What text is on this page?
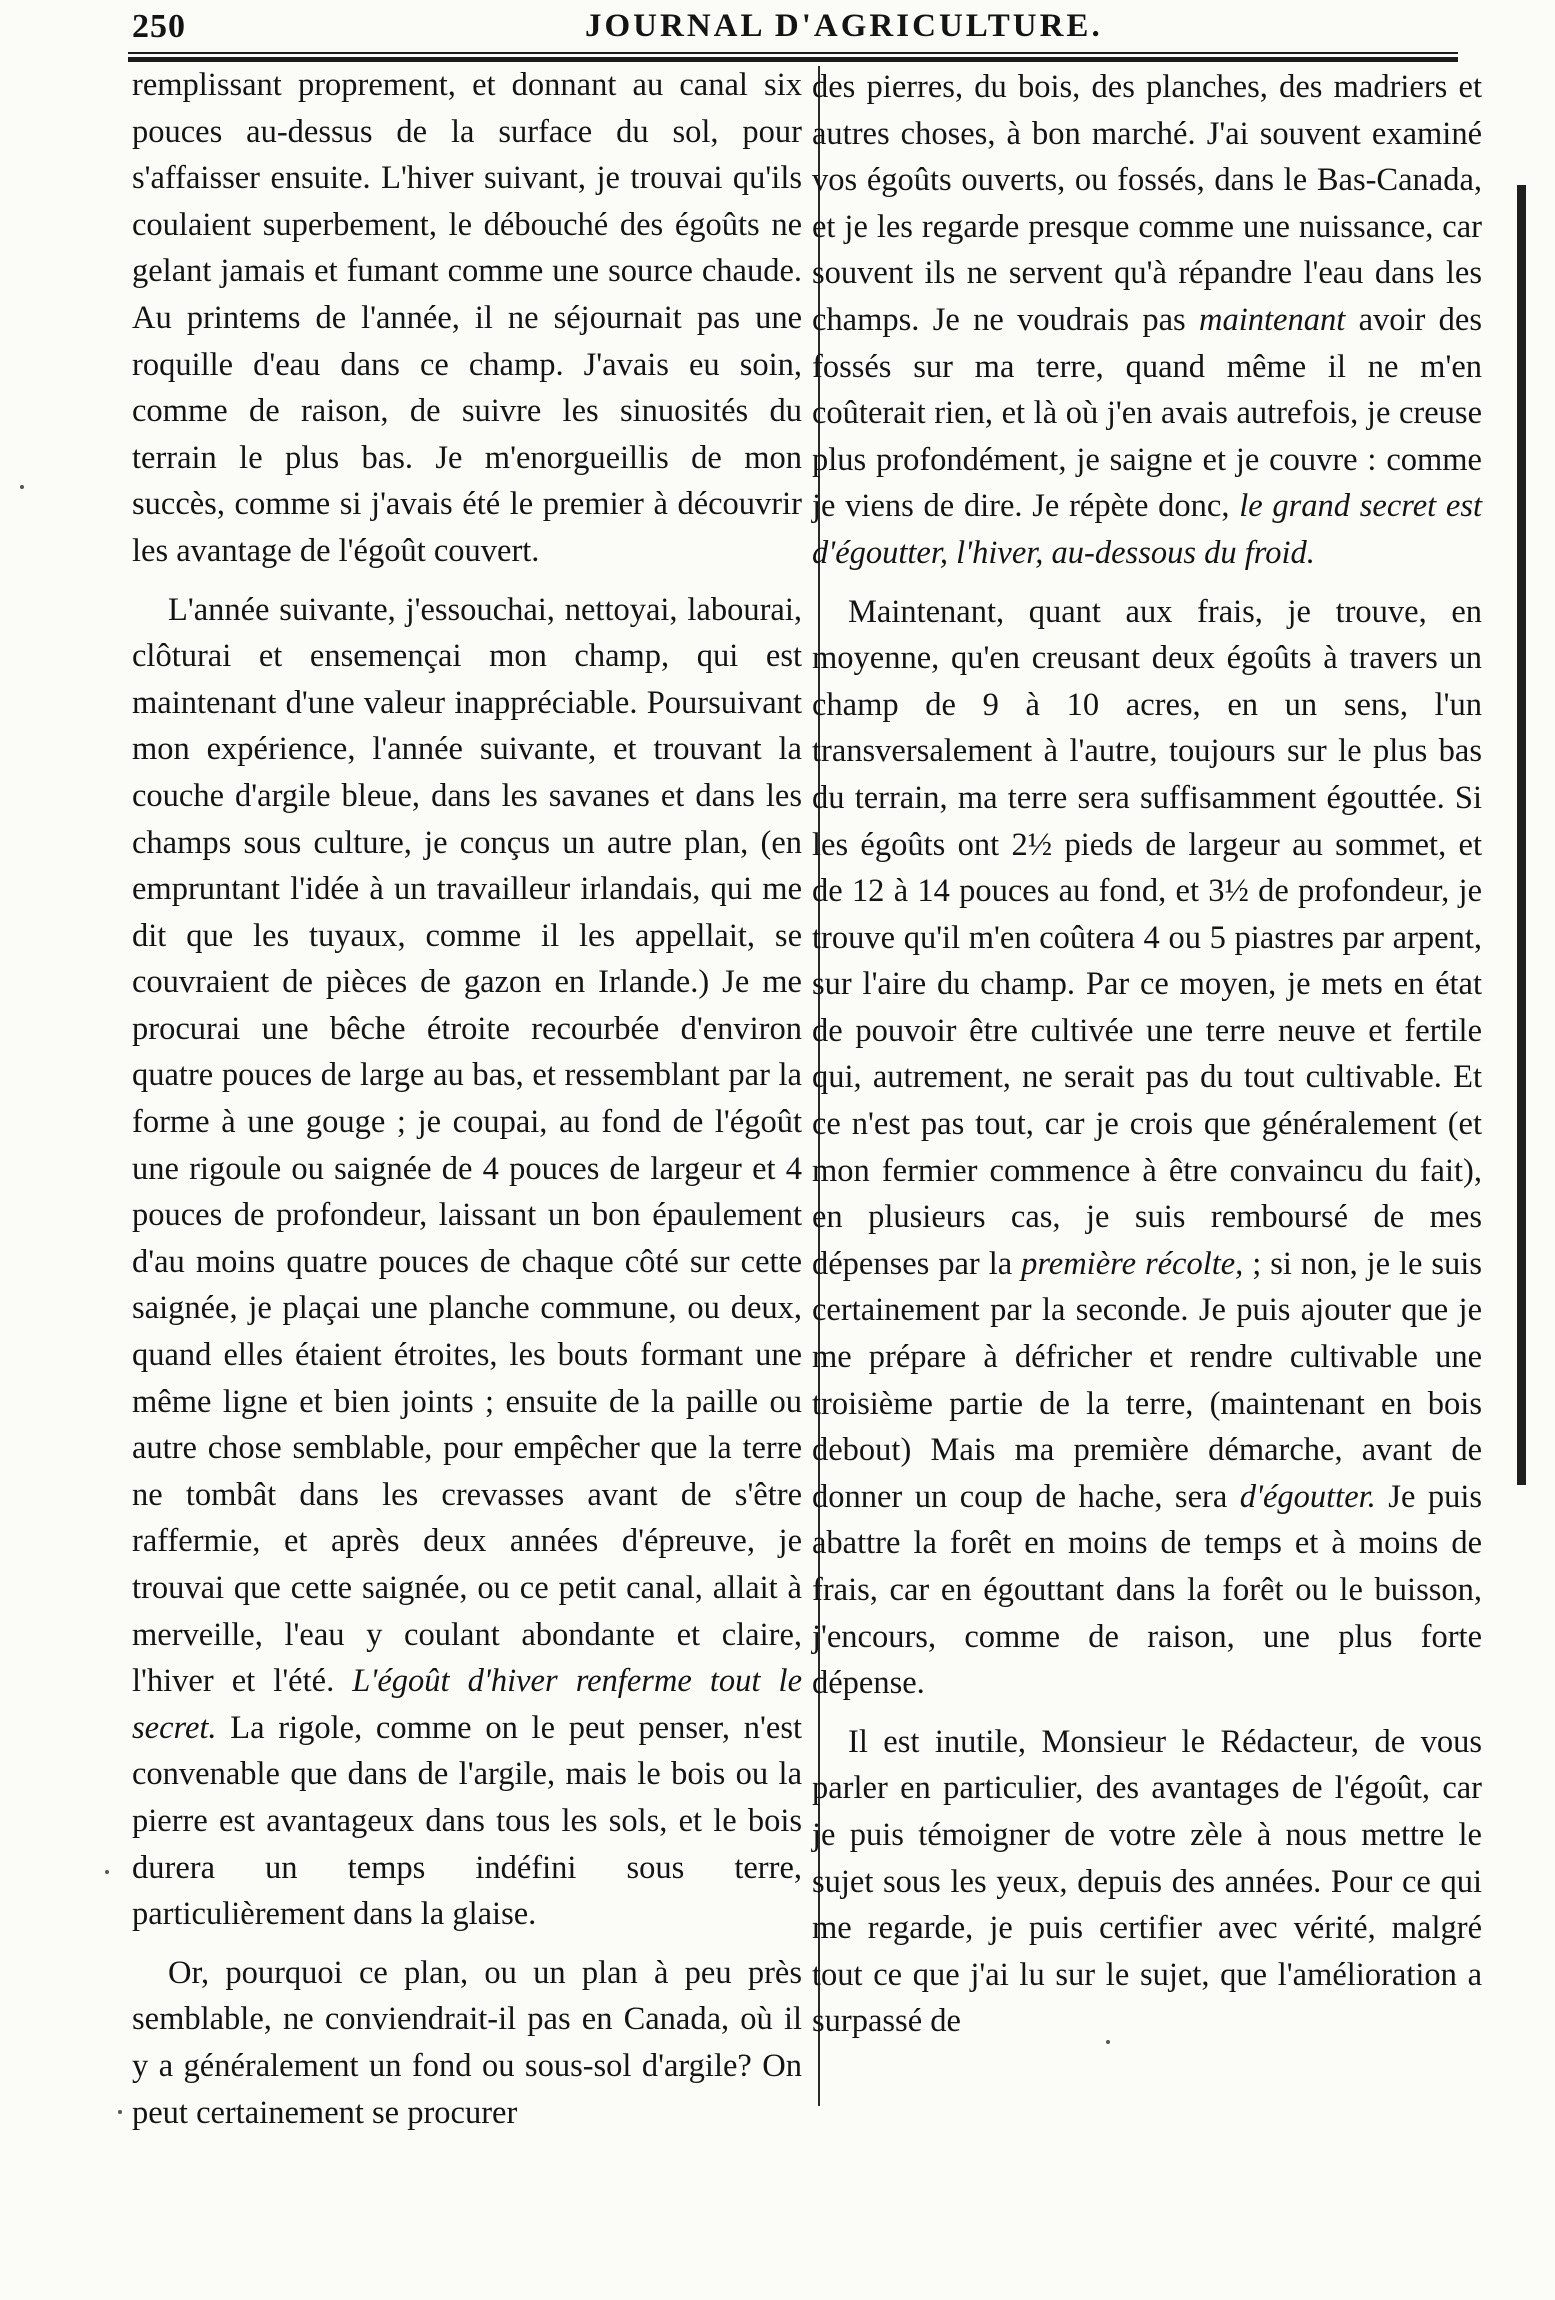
250	JOURNAL D'AGRICULTURE.

remplissant proprement, et donnant au canal six pouces au-dessus de la surface du sol, pour s'affaisser ensuite. L'hiver suivant, je trouvai qu'ils coulaient superbement, le débouché des égoûts ne gelant jamais et fumant comme une source chaude. Au printems de l'année, il ne séjournait pas une roquille d'eau dans ce champ. J'avais eu soin, comme de raison, de suivre les sinuosités du terrain le plus bas. Je m'enorgueillis de mon succès, comme si j'avais été le premier à découvrir les avantage de l'égoût couvert.

L'année suivante, j'essouchai, nettoyai, labourai, clôturai et ensemençai mon champ, qui est maintenant d'une valeur inappréciable. Poursuivant mon expérience, l'année suivante, et trouvant la couche d'argile bleue, dans les savanes et dans les champs sous culture, je conçus un autre plan, (en empruntant l'idée à un travailleur irlandais, qui me dit que les tuyaux, comme il les appellait, se couvraient de pièces de gazon en Irlande.) Je me procurai une bêche étroite recourbée d'environ quatre pouces de large au bas, et ressemblant par la forme à une gouge ; je coupai, au fond de l'égoût une rigoule ou saignée de 4 pouces de largeur et 4 pouces de profondeur, laissant un bon épaulement d'au moins quatre pouces de chaque côté sur cette saignée, je plaçai une planche commune, ou deux, quand elles étaient étroites, les bouts formant une même ligne et bien joints ; ensuite de la paille ou autre chose semblable, pour empêcher que la terre ne tombât dans les crevasses avant de s'être raffermie, et après deux années d'épreuve, je trouvai que cette saignée, ou ce petit canal, allait à merveille, l'eau y coulant abondante et claire, l'hiver et l'été. L'égoût d'hiver renferme tout le secret. La rigole, comme on le peut penser, n'est convenable que dans de l'argile, mais le bois ou la pierre est avantageux dans tous les sols, et le bois durera un temps indéfini sous terre, particulièrement dans la glaise.

Or, pourquoi ce plan, ou un plan à peu près semblable, ne conviendrait-il pas en Canada, où il y a généralement un fond ou sous-sol d'argile? On peut certainement se procurer

des pierres, du bois, des planches, des madriers et autres choses, à bon marché. J'ai souvent examiné vos égoûts ouverts, ou fossés, dans le Bas-Canada, et je les regarde presque comme une nuissance, car souvent ils ne servent qu'à répandre l'eau dans les champs. Je ne voudrais pas maintenant avoir des fossés sur ma terre, quand même il ne m'en coûterait rien, et là où j'en avais autrefois, je creuse plus profondément, je saigne et je couvre : comme je viens de dire. Je répète donc, le grand secret est d'égoutter, l'hiver, au-dessous du froid.

Maintenant, quant aux frais, je trouve, en moyenne, qu'en creusant deux égoûts à travers un champ de 9 à 10 acres, en un sens, l'un transversalement à l'autre, toujours sur le plus bas du terrain, ma terre sera suffisamment égouttée. Si les égoûts ont 2½ pieds de largeur au sommet, et de 12 à 14 pouces au fond, et 3½ de profondeur, je trouve qu'il m'en coûtera 4 ou 5 piastres par arpent, sur l'aire du champ. Par ce moyen, je mets en état de pouvoir être cultivée une terre neuve et fertile qui, autrement, ne serait pas du tout cultivable. Et ce n'est pas tout, car je crois que généralement (et mon fermier commence à être convaincu du fait), en plusieurs cas, je suis remboursé de mes dépenses par la première récolte, ; si non, je le suis certainement par la seconde. Je puis ajouter que je me prépare à défricher et rendre cultivable une troisième partie de la terre, (maintenant en bois debout) Mais ma première démarche, avant de donner un coup de hache, sera d'égoutter. Je puis abattre la forêt en moins de temps et à moins de frais, car en égouttant dans la forêt ou le buisson, j'encours, comme de raison, une plus forte dépense.

Il est inutile, Monsieur le Rédacteur, de vous parler en particulier, des avantages de l'égoût, car je puis témoigner de votre zèle à nous mettre le sujet sous les yeux, depuis des années. Pour ce qui me regarde, je puis certifier avec vérité, malgré tout ce que j'ai lu sur le sujet, que l'amélioration a surpassé de
